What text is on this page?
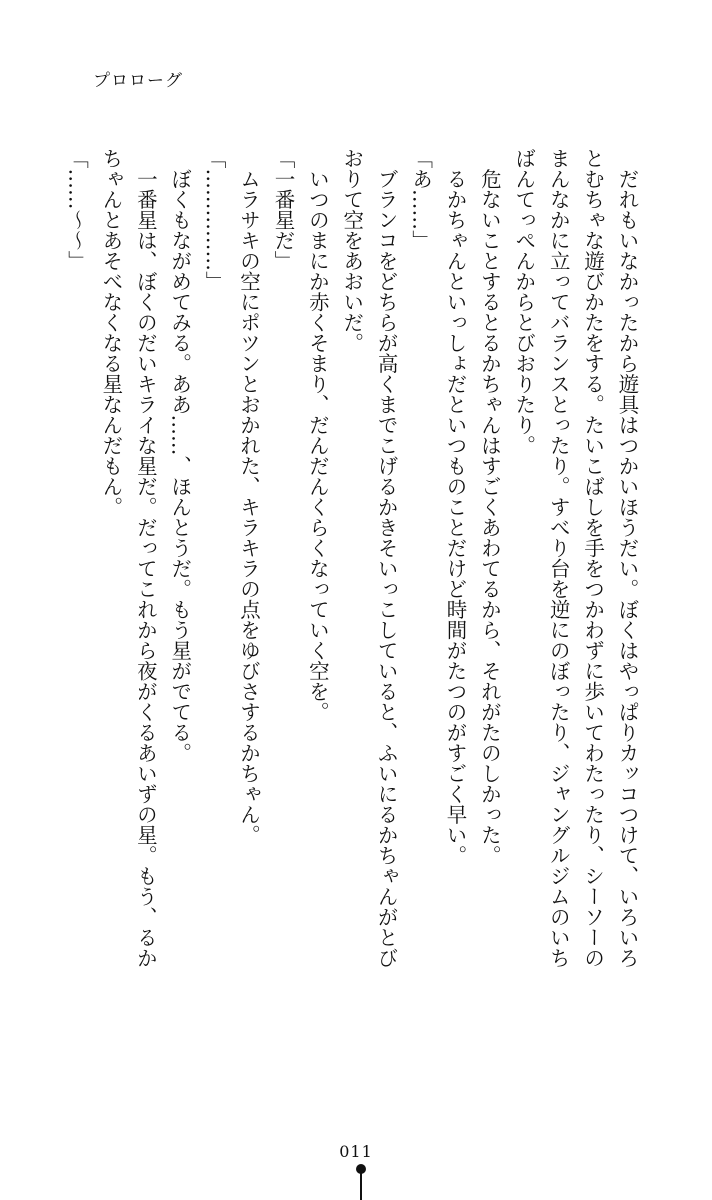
プロローグ

　だれもいなかったから遊具はつかいほうだい。ぼくはやっぱりカッコつけて、いろいろ

とむちゃな遊びかたをする。たいこばしを手をつかわずに歩いてわたったり、シーソーの

まんなかに立ってバランスとったり。すべり台を逆にのぼったり、ジャングルジムのいち

ばんてっぺんからとびおりたり。

　危ないことするとるかちゃんはすごくあわてるから、それがたのしかった。

　るかちゃんといっしょだといつものことだけど時間がたつのがすごく早い。

「あ……」

　ブランコをどちらが高くまでこげるかきそいっこしていると、ふいにるかちゃんがとび

おりて空をあおいだ。

　いつのまにか赤くそまり、だんだんくらくなっていく空を。

「一番星だ」

　ムラサキの空にポツンとおかれた、キラキラの点をゆびさするかちゃん。

「……………」

　ぼくもながめてみる。ああ……、ほんとうだ。もう星がでてる。

　一番星は、ぼくのだいキライな星だ。だってこれから夜がくるあいずの星。もう、るか

ちゃんとあそべなくなる星なんだもん。

「……～～」

011
